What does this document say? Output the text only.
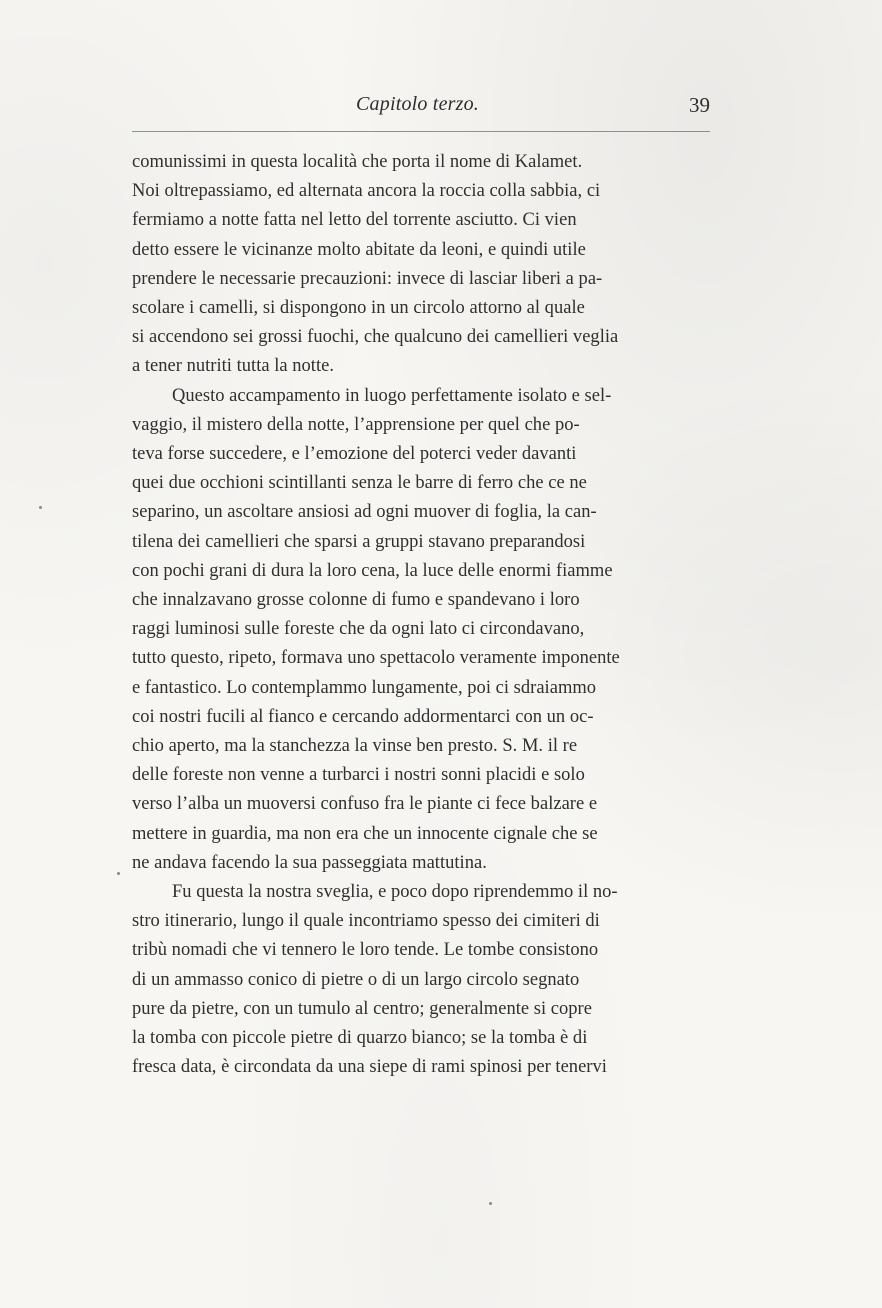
Capitolo terzo.	39

comunissimi in questa località che porta il nome di Kalamet.
Noi oltrepassiamo, ed alternata ancora la roccia colla sabbia, ci
fermiamo a notte fatta nel letto del torrente asciutto. Ci vien
detto essere le vicinanze molto abitate da leoni, e quindi utile
prendere le necessarie precauzioni: invece di lasciar liberi a pa-
scolare i camelli, si dispongono in un circolo attorno al quale
si accendono sei grossi fuochi, che qualcuno dei camellieri veglia
a tener nutriti tutta la notte.

Questo accampamento in luogo perfettamente isolato e sel-
vaggio, il mistero della notte, l’apprensione per quel che po-
teva forse succedere, e l’emozione del poterci veder davanti
quei due occhioni scintillanti senza le barre di ferro che ce ne
separino, un ascoltare ansiosi ad ogni muover di foglia, la can-
tilena dei camellieri che sparsi a gruppi stavano preparandosi
con pochi grani di dura la loro cena, la luce delle enormi fiamme
che innalzavano grosse colonne di fumo e spandevano i loro
raggi luminosi sulle foreste che da ogni lato ci circondavano,
tutto questo, ripeto, formava uno spettacolo veramente imponente
e fantastico. Lo contemplammo lungamente, poi ci sdraiammo
coi nostri fucili al fianco e cercando addormentarci con un oc-
chio aperto, ma la stanchezza la vinse ben presto. S. M. il re
delle foreste non venne a turbarci i nostri sonni placidi e solo
verso l’alba un muoversi confuso fra le piante ci fece balzare e
mettere in guardia, ma non era che un innocente cignale che se
ne andava facendo la sua passeggiata mattutina.

Fu questa la nostra sveglia, e poco dopo riprendemmo il no-
stro itinerario, lungo il quale incontriamo spesso dei cimiteri di
tribù nomadi che vi tennero le loro tende. Le tombe consistono
di un ammasso conico di pietre o di un largo circolo segnato
pure da pietre, con un tumulo al centro; generalmente si copre
la tomba con piccole pietre di quarzo bianco; se la tomba è di
fresca data, è circondata da una siepe di rami spinosi per tenervi
